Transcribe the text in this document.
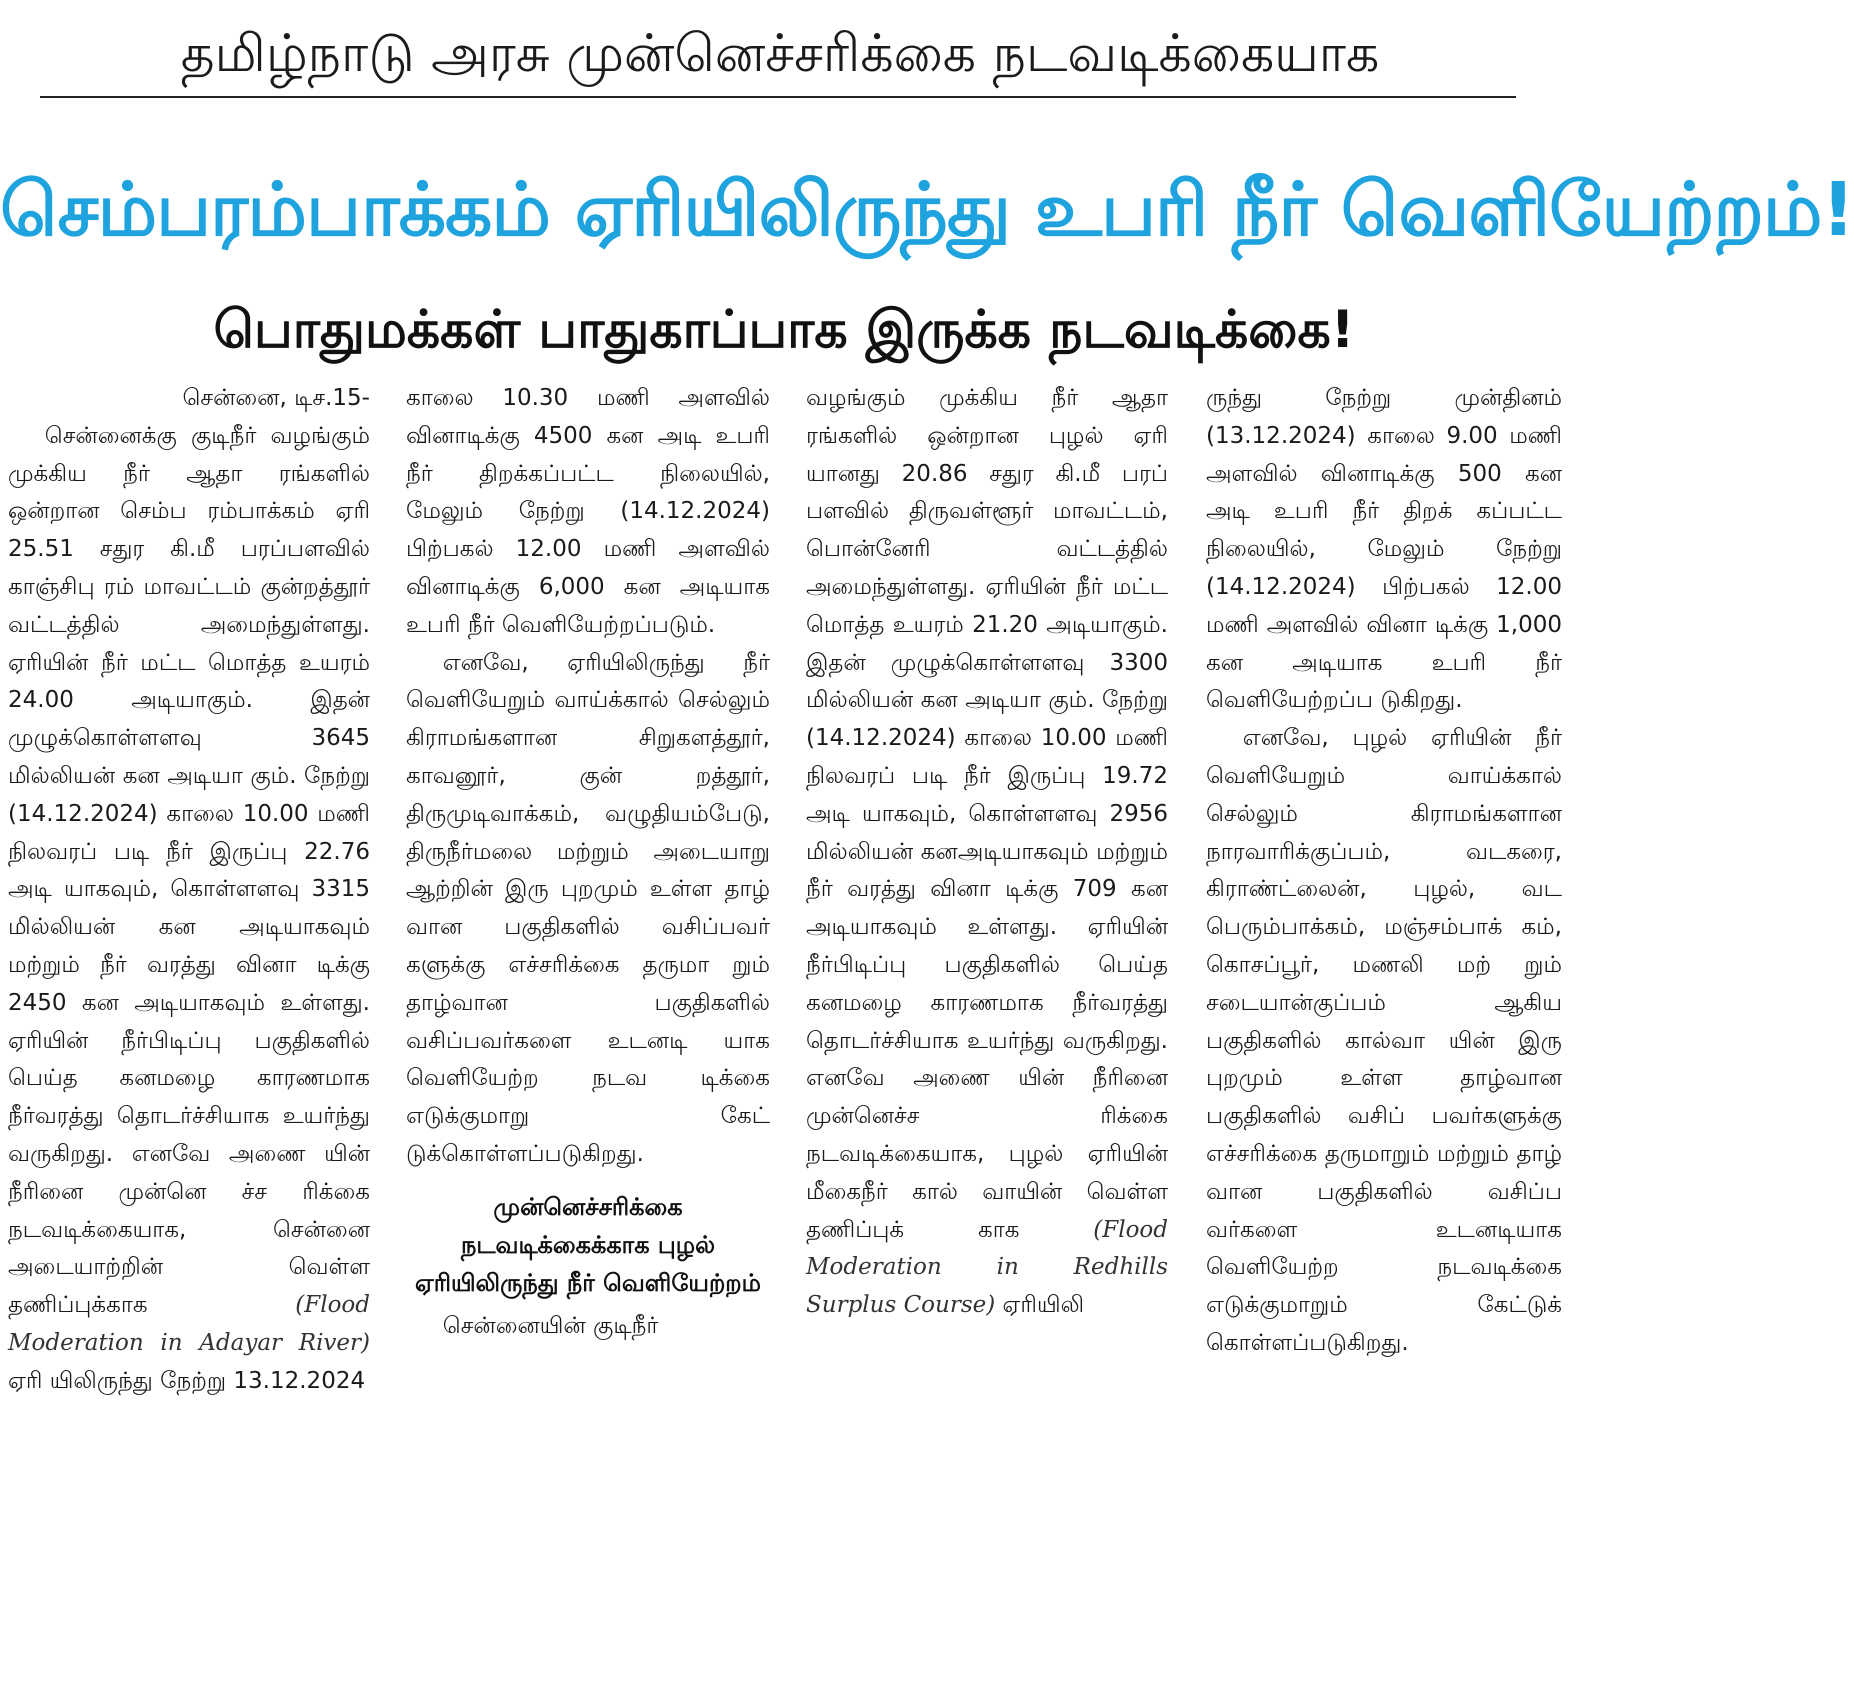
தமிழ்நாடு அரசு முன்னெச்சரிக்கை நடவடிக்கையாக
செம்பரம்பாக்கம் ஏரியிலிருந்து உபரி நீர் வெளியேற்றம்!
பொதுமக்கள் பாதுகாப்பாக இருக்க நடவடிக்கை!

சென்னை, டிச.15-

சென்னைக்கு குடிநீர் வழங்கும் முக்கிய நீர் ஆதா ரங்களில் ஒன்றான செம்ப ரம்பாக்கம் ஏரி 25.51 சதுர கி.மீ பரப்பளவில் காஞ்சிபு ரம் மாவட்டம் குன்றத்தூர் வட்டத்தில் அமைந்துள்ளது. ஏரியின் நீர் மட்ட மொத்த உயரம் 24.00 அடியாகும். இதன் முழுக்கொள்ளளவு 3645 மில்லியன் கன அடியா கும். நேற்று (14.12.2024) காலை 10.00 மணி நிலவரப் படி நீர் இருப்பு 22.76 அடி யாகவும், கொள்ளளவு 3315 மில்லியன் கன அடியாகவும் மற்றும் நீர் வரத்து வினா டிக்கு 2450 கன அடியாகவும் உள்ளது. ஏரியின் நீர்பிடிப்பு பகுதிகளில் பெய்த கனமழை காரணமாக நீர்வரத்து தொடர்ச்சியாக உயர்ந்து வருகிறது. எனவே அணை யின் நீரினை முன்னெ ச்ச ரிக்கை நடவடிக்கையாக, சென்னை அடையாற்றின் வெள்ள தணிப்புக்காக	(Flood Moderation in Adayar River) ஏரி யிலிருந்து நேற்று 13.12.2024

காலை 10.30 மணி அளவில் வினாடிக்கு 4500 கன அடி உபரி நீர் திறக்கப்பட்ட நிலையில், மேலும் நேற்று (14.12.2024) பிற்பகல் 12.00 மணி அளவில் வினாடிக்கு 6,000 கன அடியாக உபரி நீர் வெளியேற்றப்படும்.

எனவே, ஏரியிலிருந்து நீர் வெளியேறும் வாய்க்கால் செல்லும் கிராமங்களான சிறுகளத்தூர், காவனூர், குன் றத்தூர், திருமுடிவாக்கம், வழுதியம்பேடு, திருநீர்மலை மற்றும் அடையாறு ஆற்றின் இரு புறமும் உள்ள தாழ் வான பகுதிகளில் வசிப்பவர் களுக்கு எச்சரிக்கை தருமா றும் தாழ்வான பகுதிகளில் வசிப்பவர்களை உடனடி யாக வெளியேற்ற நடவ டிக்கை எடுக்குமாறு கேட் டுக்கொள்ளப்படுகிறது.

முன்னெச்சரிக்கை நடவடிக்கைக்காக புழல் ஏரியிலிருந்து நீர் வெளியேற்றம்

சென்னையின் குடிநீர்

வழங்கும் முக்கிய நீர் ஆதா ரங்களில் ஒன்றான புழல் ஏரி யானது 20.86 சதுர கி.மீ பரப் பளவில் திருவள்ளூர் மாவட்டம், பொன்னேரி வட்டத்தில் அமைந்துள்ளது. ஏரியின் நீர் மட்ட மொத்த உயரம் 21.20 அடியாகும். இதன் முழுக்கொள்ளளவு 3300 மில்லியன் கன அடியா கும். நேற்று (14.12.2024) காலை 10.00 மணி நிலவரப் படி நீர் இருப்பு 19.72 அடி யாகவும், கொள்ளளவு 2956 மில்லியன் கனஅடியாகவும் மற்றும் நீர் வரத்து வினா டிக்கு 709 கன அடியாகவும் உள்ளது. ஏரியின் நீர்பிடிப்பு பகுதிகளில் பெய்த கனமழை காரணமாக நீர்வரத்து தொடர்ச்சியாக உயர்ந்து வருகிறது. எனவே அணை யின் நீரினை முன்னெச்ச ரிக்கை நடவடிக்கையாக, புழல் ஏரியின் மீகைநீர் கால் வாயின் வெள்ள தணிப்புக் காக	(Flood Moderation in Redhills Surplus Course) ஏரியிலி

ருந்து நேற்று முன்தினம் (13.12.2024) காலை 9.00 மணி அளவில் வினாடிக்கு 500 கன அடி உபரி நீர் திறக் கப்பட்ட நிலையில், மேலும் நேற்று (14.12.2024) பிற்பகல் 12.00 மணி அளவில் வினா டிக்கு 1,000 கன அடியாக உபரி நீர் வெளியேற்றப்ப டுகிறது.

எனவே, புழல் ஏரியின் நீர் வெளியேறும் வாய்க்கால் செல்லும் கிராமங்களான நாரவாரிக்குப்பம், வடகரை, கிராண்ட்லைன், புழல், வட பெரும்பாக்கம், மஞ்சம்பாக் கம், கொசப்பூர், மணலி மற் றும் சடையான்குப்பம் ஆகிய பகுதிகளில் கால்வா யின் இரு புறமும் உள்ள தாழ்வான பகுதிகளில் வசிப் பவர்களுக்கு எச்சரிக்கை தருமாறும் மற்றும் தாழ் வான பகுதிகளில் வசிப்ப வர்களை உடனடியாக வெளியேற்ற நடவடிக்கை எடுக்குமாறும் கேட்டுக் கொள்ளப்படுகிறது.
